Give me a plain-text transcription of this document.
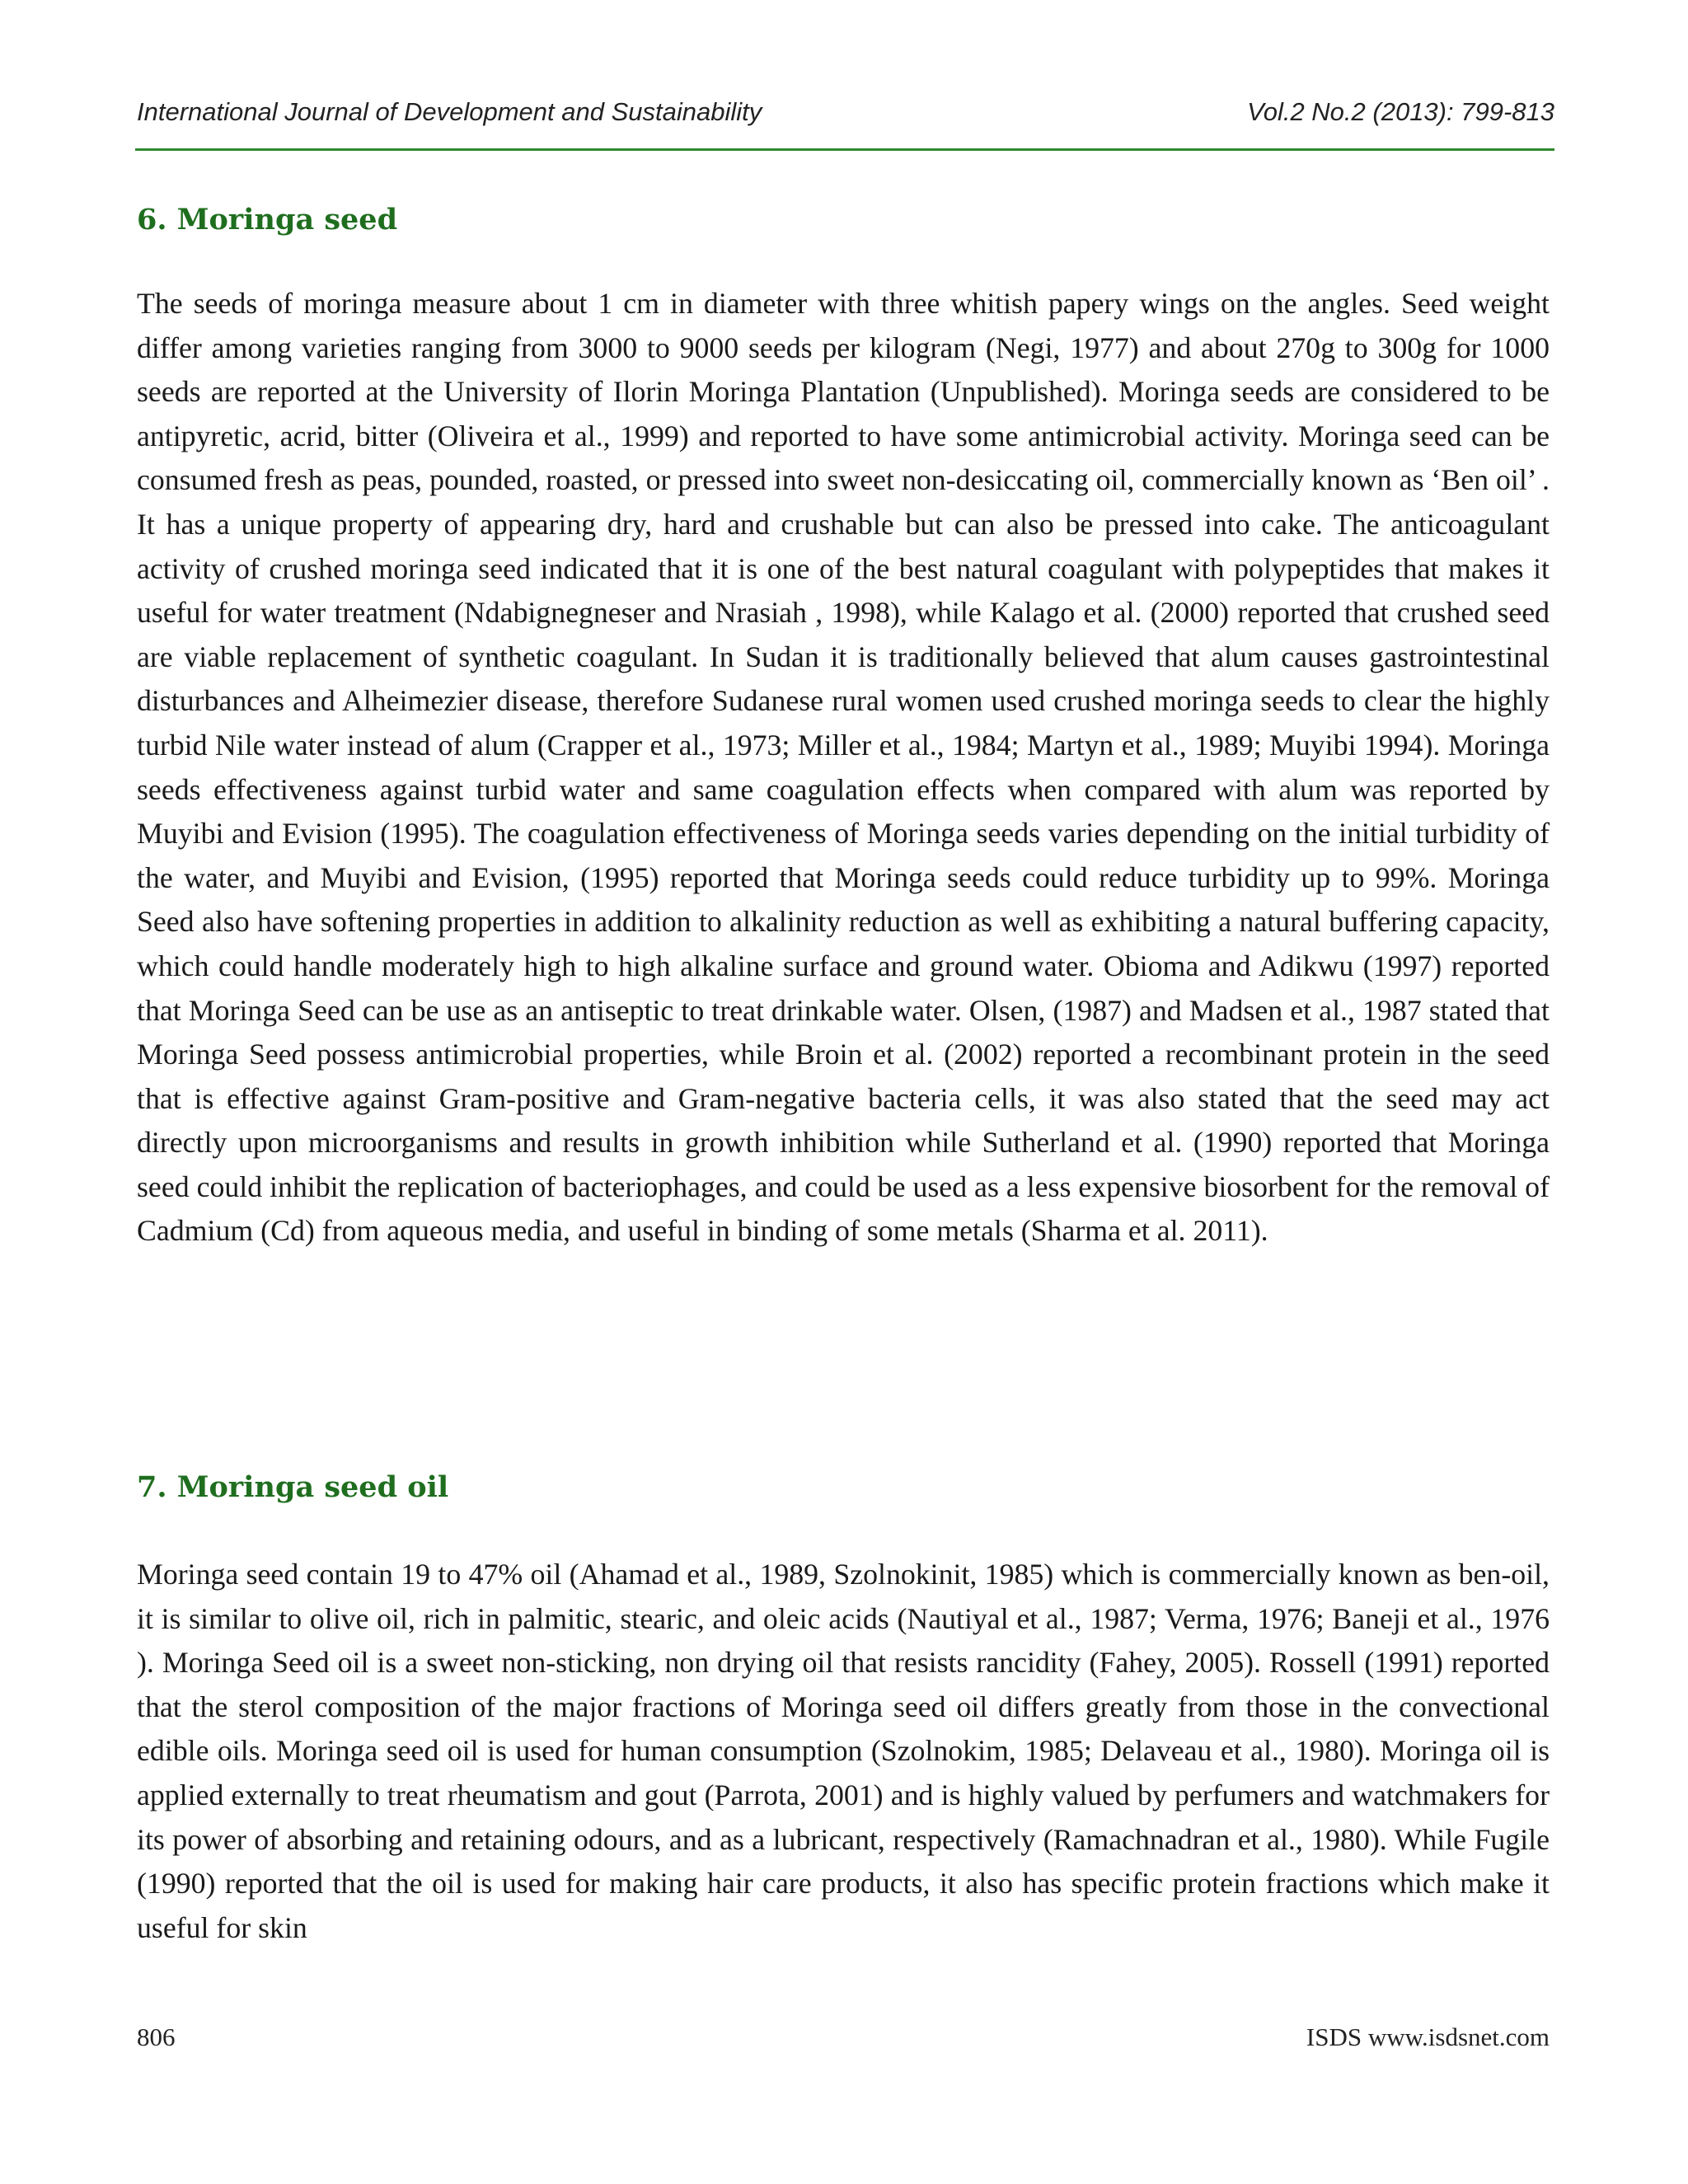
International Journal of Development and Sustainability	Vol.2 No.2 (2013): 799-813
6. Moringa seed

The seeds of moringa measure about 1 cm in diameter with three whitish papery wings on the angles. Seed weight differ among varieties ranging from 3000 to 9000 seeds per kilogram (Negi, 1977) and about 270g to 300g for 1000 seeds are reported at the University of Ilorin Moringa Plantation (Unpublished). Moringa seeds are considered to be antipyretic, acrid, bitter (Oliveira et al., 1999) and reported to have some antimicrobial activity. Moringa seed can be consumed fresh as peas, pounded, roasted, or pressed into sweet non-desiccating oil, commercially known as ‘Ben oil’ . It has a unique property of appearing dry, hard and crushable but can also be pressed into cake. The anticoagulant activity of crushed moringa seed indicated that it is one of the best natural coagulant with polypeptides that makes it useful for water treatment (Ndabignegneser and Nrasiah , 1998), while Kalago et al. (2000) reported that crushed seed are viable replacement of synthetic coagulant. In Sudan it is traditionally believed that alum causes gastrointestinal disturbances and Alheimezier disease, therefore Sudanese rural women used crushed moringa seeds to clear the highly turbid Nile water instead of alum (Crapper et al., 1973; Miller et al., 1984; Martyn et al., 1989; Muyibi 1994). Moringa seeds effectiveness against turbid water and same coagulation effects when compared with alum was reported by Muyibi and Evision (1995). The coagulation effectiveness of Moringa seeds varies depending on the initial turbidity of the water, and Muyibi and Evision, (1995) reported that Moringa seeds could reduce turbidity up to 99%. Moringa Seed also have softening properties in addition to alkalinity reduction as well as exhibiting a natural buffering capacity, which could handle moderately high to high alkaline surface and ground water. Obioma and Adikwu (1997) reported that Moringa Seed can be use as an antiseptic to treat drinkable water. Olsen, (1987) and Madsen et al., 1987 stated that Moringa Seed possess antimicrobial properties, while Broin et al. (2002) reported a recombinant protein in the seed that is effective against Gram-positive and Gram-negative bacteria cells, it was also stated that the seed may act directly upon microorganisms and results in growth inhibition while Sutherland et al. (1990) reported that Moringa seed could inhibit the replication of bacteriophages, and could be used as a less expensive biosorbent for the removal of Cadmium (Cd) from aqueous media, and useful in binding of some metals (Sharma et al. 2011).

7. Moringa seed oil

Moringa seed contain 19 to 47% oil (Ahamad et al., 1989, Szolnokinit, 1985) which is commercially known as ben-oil, it is similar to olive oil, rich in palmitic, stearic, and oleic acids (Nautiyal et al., 1987; Verma, 1976; Baneji et al., 1976 ). Moringa Seed oil is a sweet non-sticking, non drying oil that resists rancidity (Fahey, 2005). Rossell (1991) reported that the sterol composition of the major fractions of Moringa seed oil differs greatly from those in the convectional edible oils. Moringa seed oil is used for human consumption (Szolnokim, 1985; Delaveau et al., 1980). Moringa oil is applied externally to treat rheumatism and gout (Parrota, 2001) and is highly valued by perfumers and watchmakers for its power of absorbing and retaining odours, and as a lubricant, respectively (Ramachnadran et al., 1980). While Fugile (1990) reported that the oil is used for making hair care products, it also has specific protein fractions which make it useful for skin

806	ISDS www.isdsnet.com
